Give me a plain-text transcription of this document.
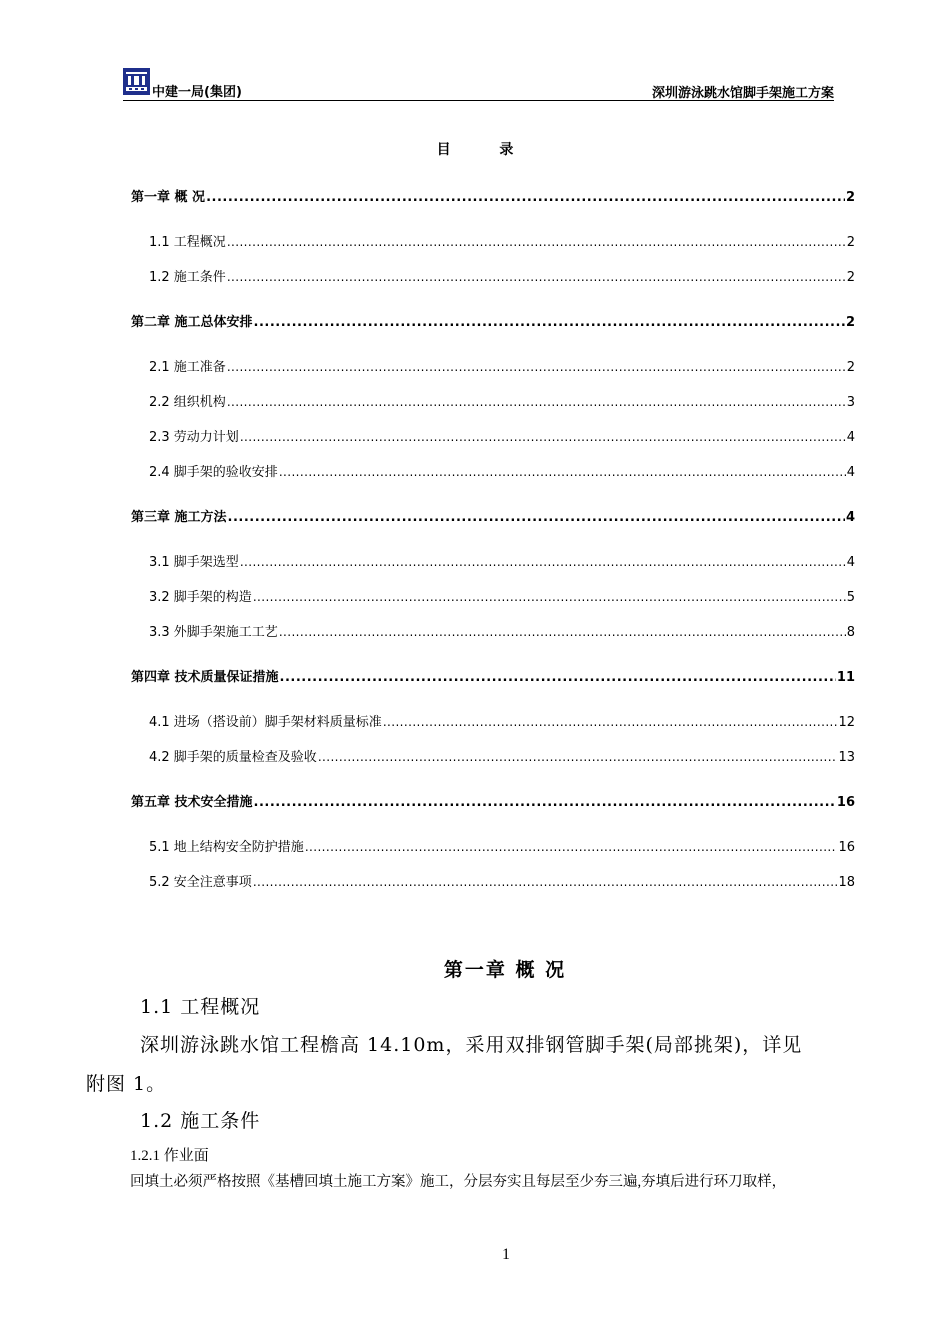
中建一局(集团)	深圳游泳跳水馆脚手架施工方案
目 录
第一章 概 况 .....	2
1.1 工程概况 .....	2
1.2 施工条件 .....	2
第二章 施工总体安排 .....	2
2.1 施工准备 .....	2
2.2 组织机构 .....	3
2.3 劳动力计划 .....	4
2.4 脚手架的验收安排 .....	4
第三章 施工方法 .....	4
3.1 脚手架选型 .....	4
3.2 脚手架的构造 .....	5
3.3 外脚手架施工工艺 .....	8
第四章 技术质量保证措施 .....	11
4.1 进场（搭设前）脚手架材料质量标准 .....	12
4.2 脚手架的质量检查及验收 .....	13
第五章 技术安全措施 .....	16
5.1 地上结构安全防护措施 .....	16
5.2 安全注意事项 .....	18
第一章 概 况
1.1 工程概况
深圳游泳跳水馆工程檐高 14.10m，采用双排钢管脚手架(局部挑架)，详见
附图 1。
1.2 施工条件
1.2.1 作业面
回填土必须严格按照《基槽回填土施工方案》施工，分层夯实且每层至少夯三遍,夯填后进行环刀取样，
1
